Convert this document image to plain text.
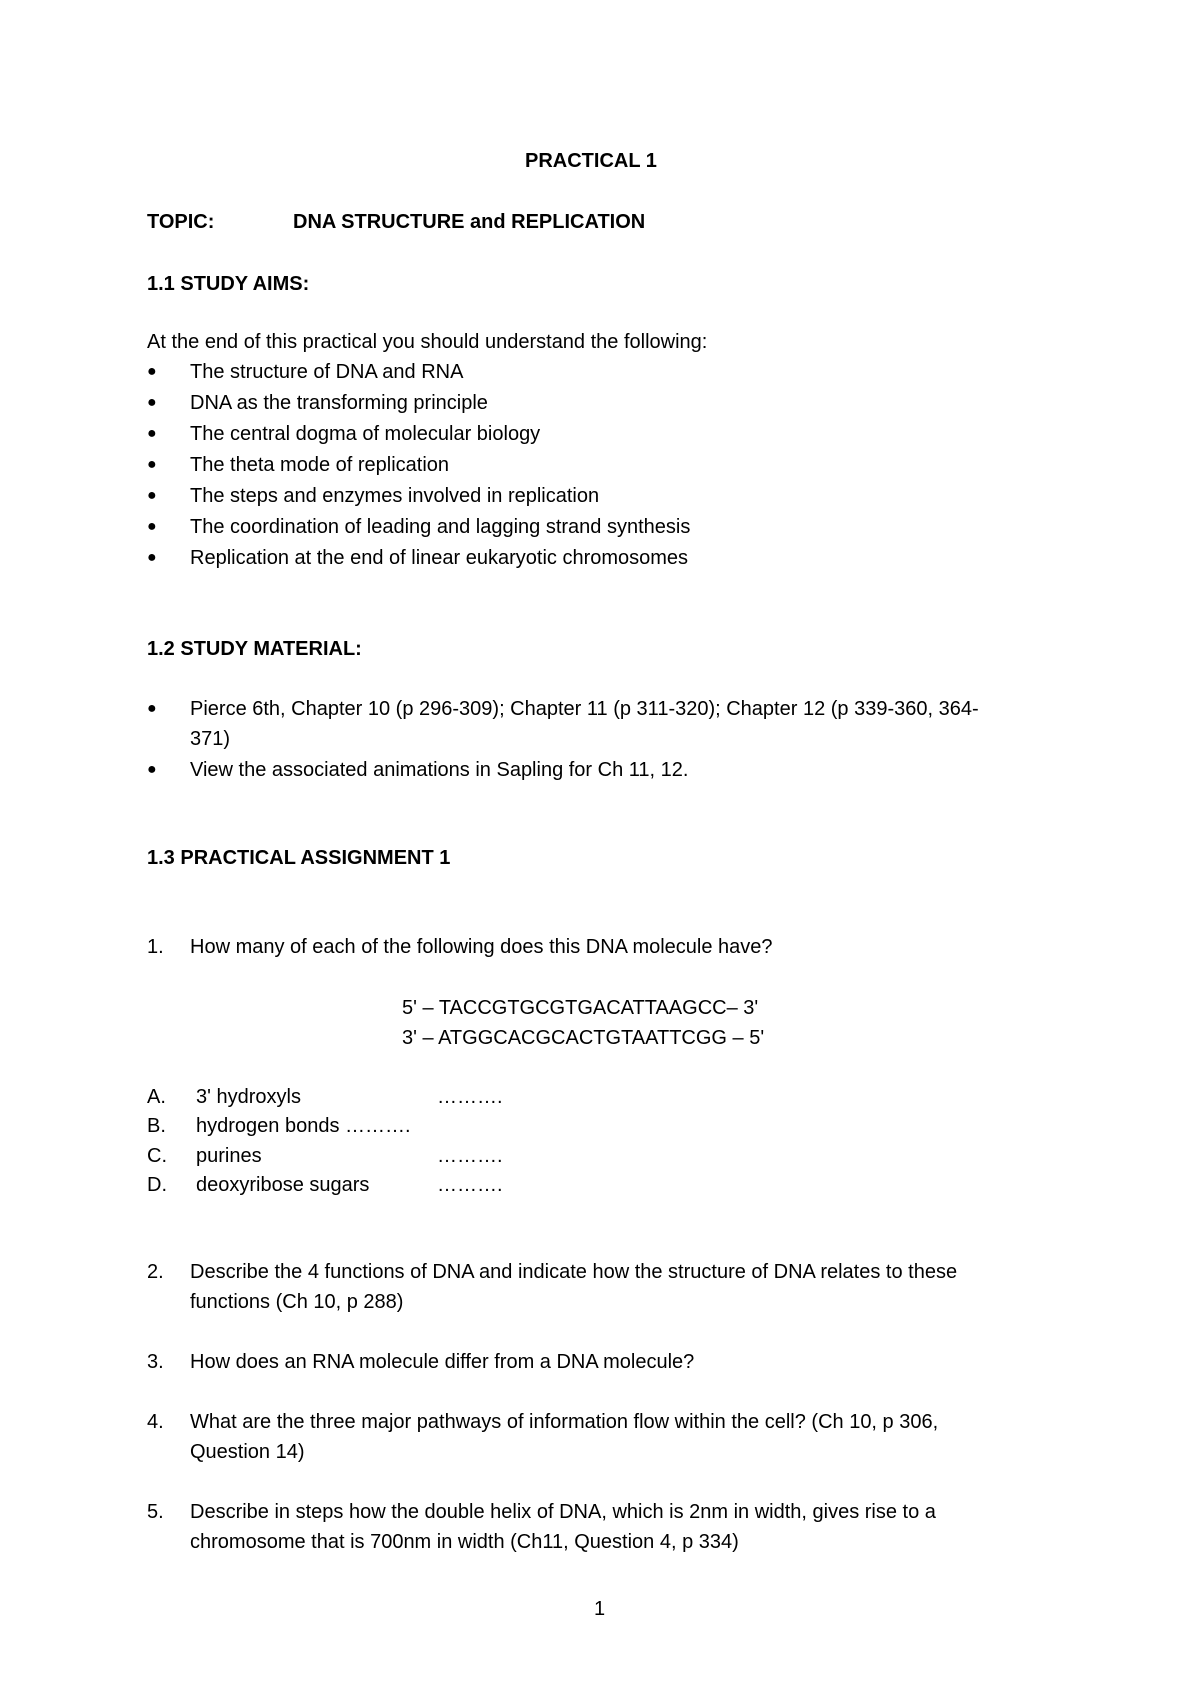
PRACTICAL 1
TOPIC:	DNA STRUCTURE and REPLICATION
1.1 STUDY AIMS:
At the end of this practical you should understand the following:
● The structure of DNA and RNA
● DNA as the transforming principle
● The central dogma of molecular biology
● The theta mode of replication
● The steps and enzymes involved in replication
● The coordination of leading and lagging strand synthesis
● Replication at the end of linear eukaryotic chromosomes
1.2 STUDY MATERIAL:
● Pierce 6th, Chapter 10 (p 296-309); Chapter 11 (p 311-320); Chapter 12 (p 339-360, 364-
371)
● View the associated animations in Sapling for Ch 11, 12.
1.3 PRACTICAL ASSIGNMENT 1
1. How many of each of the following does this DNA molecule have?
5' – TACCGTGCGTGACATTAAGCC– 3'
3' – ATGGCACGCACTGTAATTCGG – 5'
A. 3' hydroxyls	……….
B. hydrogen bonds ……….
C. purines	……….
D. deoxyribose sugars	……….
2. Describe the 4 functions of DNA and indicate how the structure of DNA relates to these
functions (Ch 10, p 288)
3. How does an RNA molecule differ from a DNA molecule?
4. What are the three major pathways of information flow within the cell? (Ch 10, p 306,
Question 14)
5. Describe in steps how the double helix of DNA, which is 2nm in width, gives rise to a
chromosome that is 700nm in width (Ch11, Question 4, p 334)
1
